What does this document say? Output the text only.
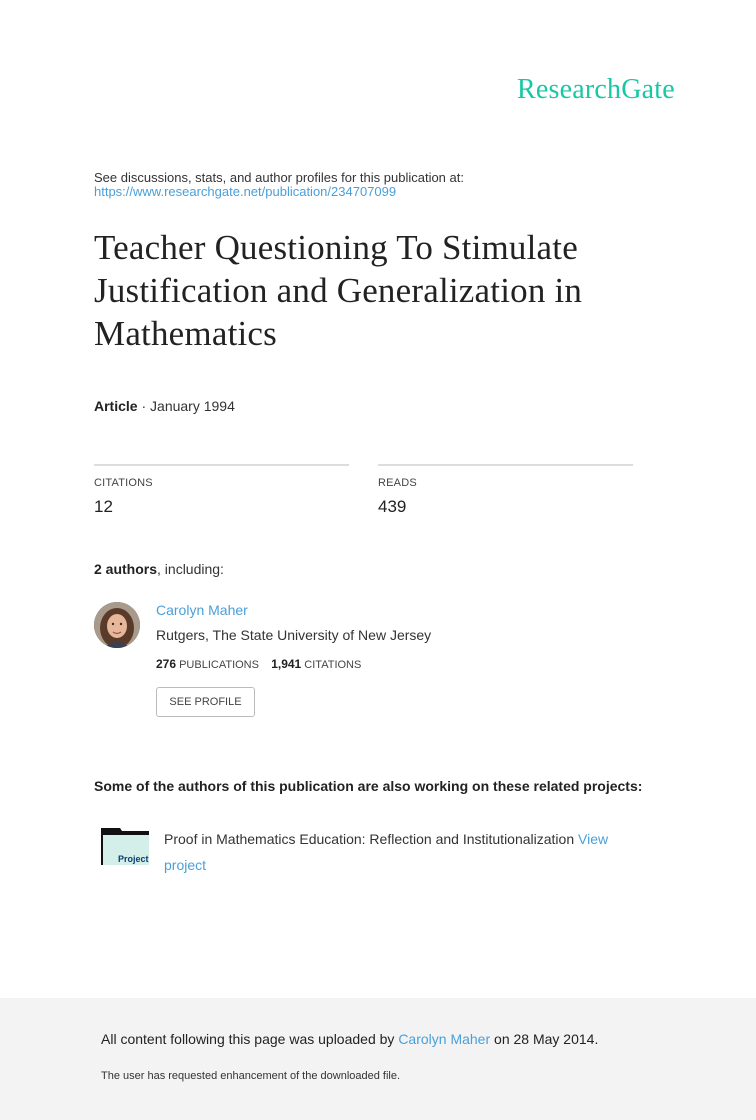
ResearchGate
See discussions, stats, and author profiles for this publication at:
https://www.researchgate.net/publication/234707099
Teacher Questioning To Stimulate
Justification and Generalization in
Mathematics
Article · January 1994
CITATIONS
12
READS
439
2 authors, including:
Carolyn Maher
Rutgers, The State University of New Jersey
276 PUBLICATIONS 1,941 CITATIONS
SEE PROFILE
Some of the authors of this publication are also working on these related projects:
Project
Proof in Mathematics Education: Reflection and Institutionalization View
project
All content following this page was uploaded by Carolyn Maher on 28 May 2014.
The user has requested enhancement of the downloaded file.
